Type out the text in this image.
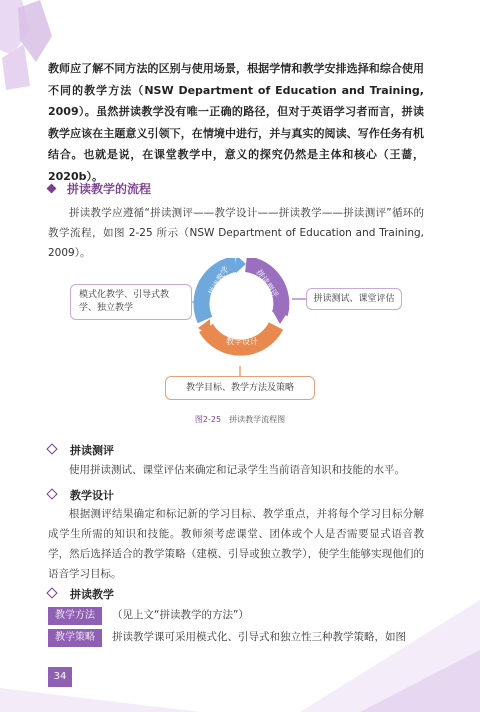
教师应了解不同方法的区别与使用场景，根据学情和教学安排选择和综合使用不同的教学方法（NSW Department of Education and Training, 2009）。虽然拼读教学没有唯一正确的路径，但对于英语学习者而言，拼读教学应该在主题意义引领下，在情境中进行，并与真实的阅读、写作任务有机结合。也就是说，在课堂教学中，意义的探究仍然是主体和核心（王蔷，2020b）。
拼读教学的流程
拼读教学应遵循“拼读测评——教学设计——拼读教学——拼读测评”循环的教学流程，如图 2-25 所示（NSW Department of Education and Training, 2009）。
拼读教学	拼读测评
教学设计
模式化教学、引导式教学、独立教学
拼读测试、课堂评估
教学目标、教学方法及策略
图2-25 拼读教学流程图
拼读测评
使用拼读测试、课堂评估来确定和记录学生当前语音知识和技能的水平。
教学设计
根据测评结果确定和标记新的学习目标、教学重点，并将每个学习目标分解成学生所需的知识和技能。教师须考虑课堂、团体或个人是否需要显式语音教学，然后选择适合的教学策略（建模、引导或独立教学），使学生能够实现他们的语音学习目标。
拼读教学
教学方法 （见上文“拼读教学的方法”）
教学策略 拼读教学课可采用模式化、引导式和独立性三种教学策略，如图
34
